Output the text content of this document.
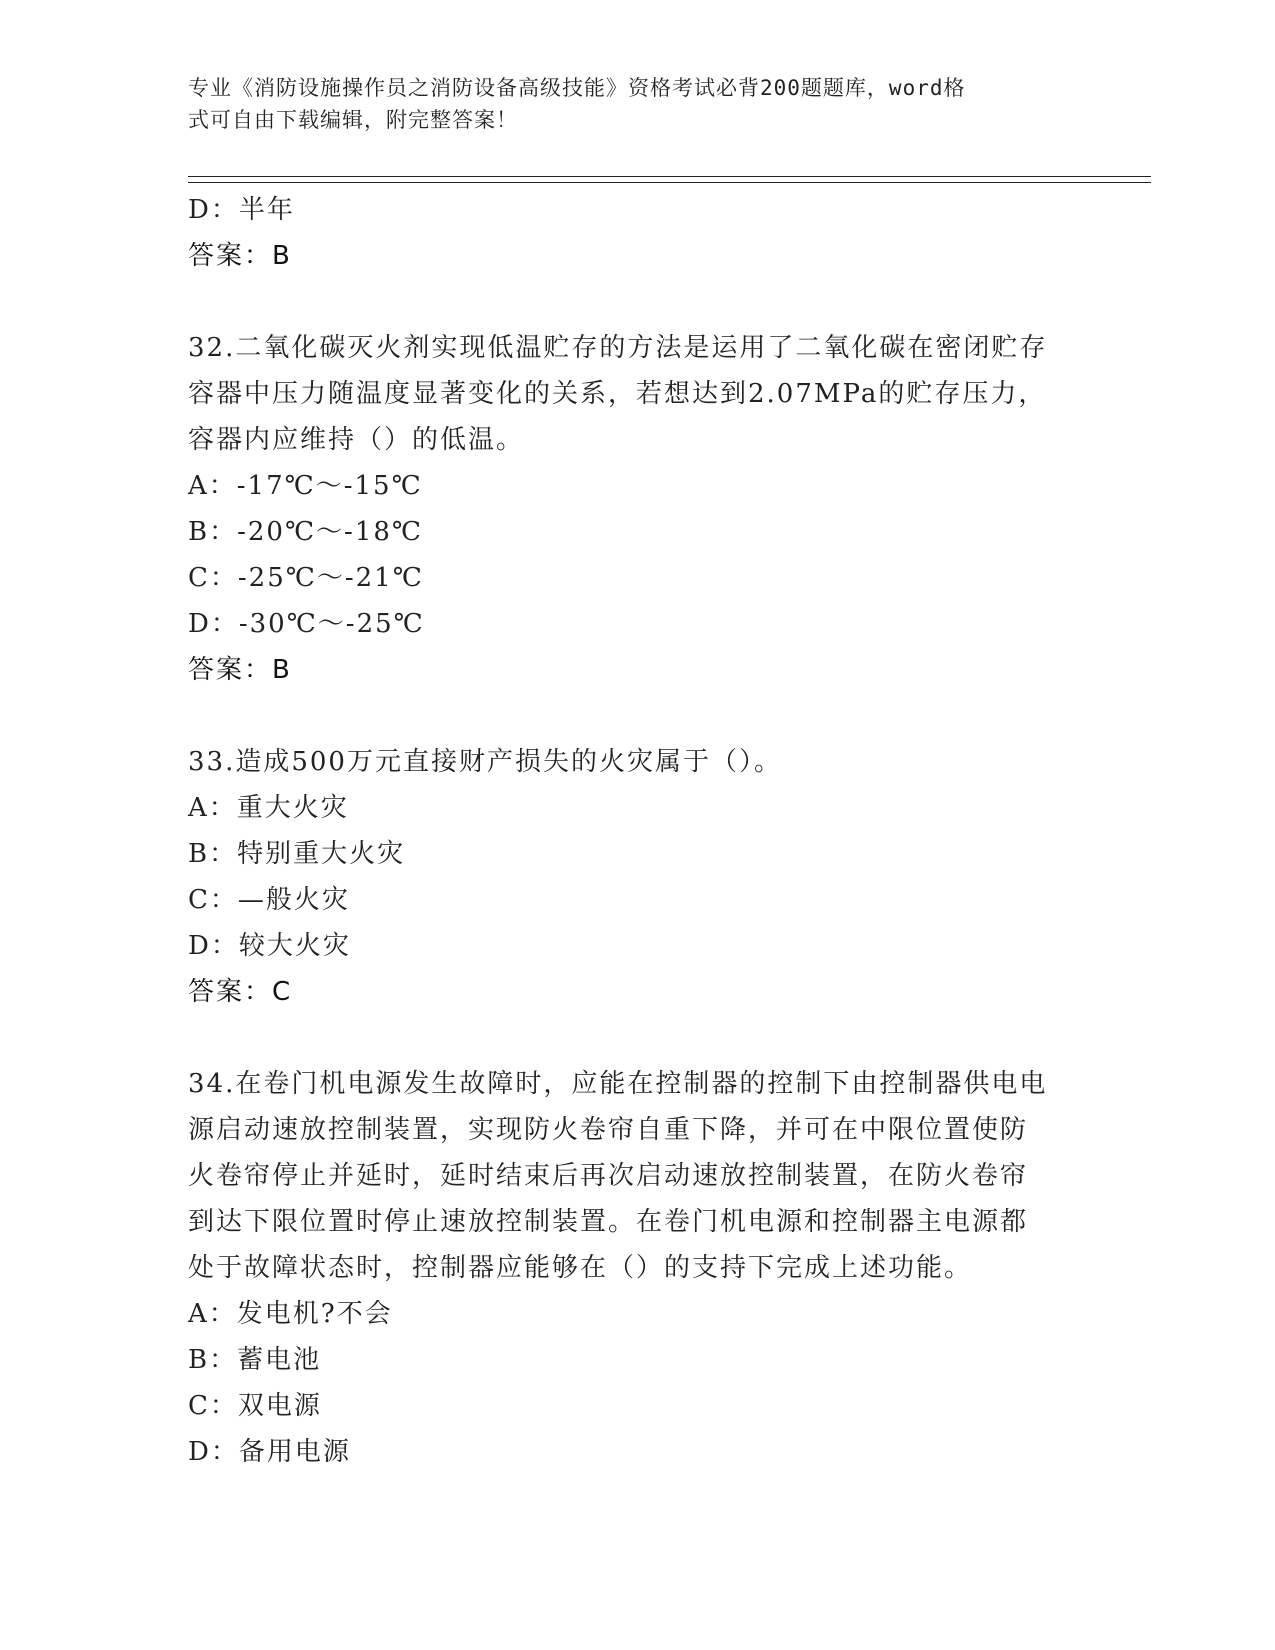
专业《消防设施操作员之消防设备高级技能》资格考试必背200题题库，word格
式可自由下载编辑，附完整答案！
D：半年
答案：B
32.二氧化碳灭火剂实现低温贮存的方法是运用了二氧化碳在密闭贮存
容器中压力随温度显著变化的关系，若想达到2.07MPa的贮存压力，
容器内应维持（）的低温。
A：-17℃～-15℃
B：-20℃～-18℃
C：-25℃～-21℃
D：-30℃～-25℃
答案：B
33.造成500万元直接财产损失的火灾属于（）。
A：重大火灾
B：特别重大火灾
C：—般火灾
D：较大火灾
答案：C
34.在卷门机电源发生故障时，应能在控制器的控制下由控制器供电电
源启动速放控制装置，实现防火卷帘自重下降，并可在中限位置使防
火卷帘停止并延时，延时结束后再次启动速放控制装置，在防火卷帘
到达下限位置时停止速放控制装置。在卷门机电源和控制器主电源都
处于故障状态时，控制器应能够在（）的支持下完成上述功能。
A：发电机?不会
B：蓄电池
C：双电源
D：备用电源
